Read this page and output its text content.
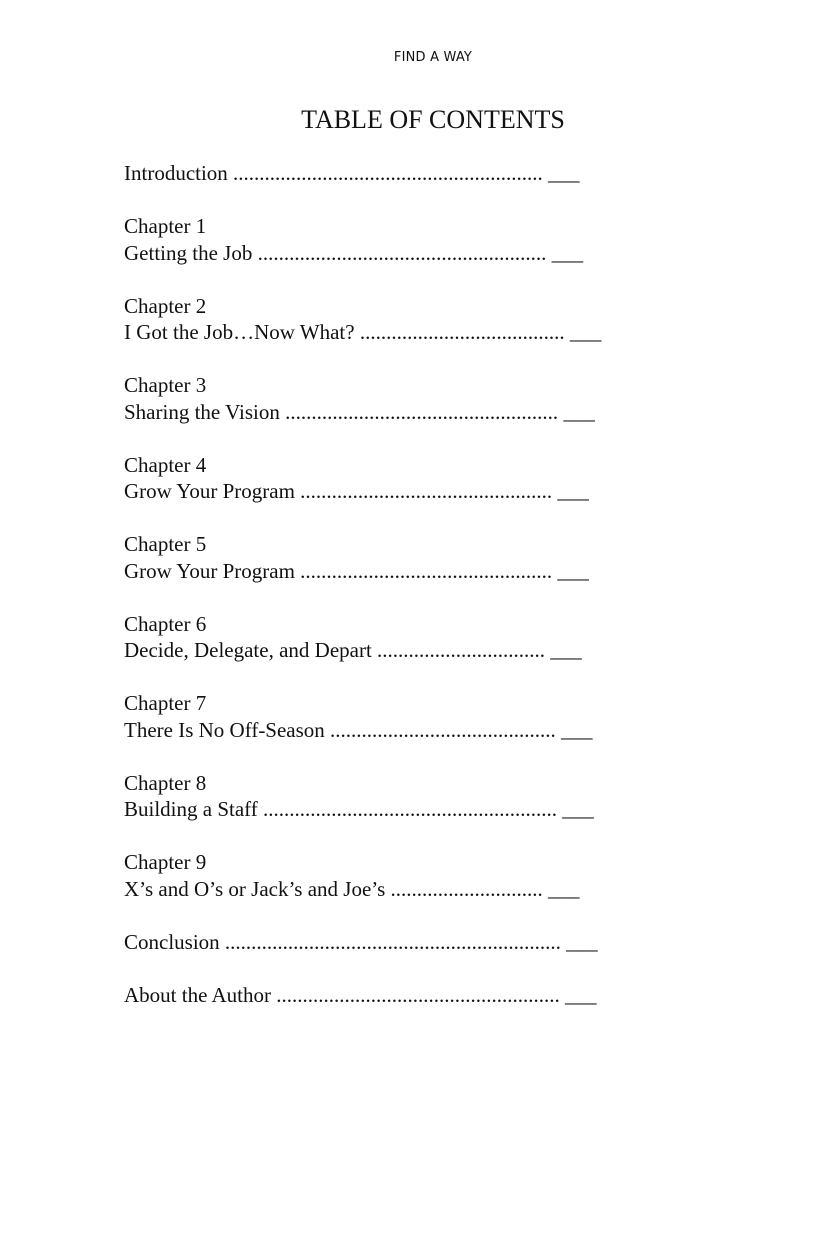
FIND A WAY
TABLE OF CONTENTS
Introduction ........................................................... ___
Chapter 1
Getting the Job ....................................................... ___
Chapter 2
I Got the Job…Now What? ....................................... ___
Chapter 3
Sharing the Vision .................................................... ___
Chapter 4
Grow Your Program ................................................ ___
Chapter 5
Grow Your Program ................................................ ___
Chapter 6
Decide, Delegate, and Depart ................................ ___
Chapter 7
There Is No Off-Season ........................................... ___
Chapter 8
Building a Staff ........................................................ ___
Chapter 9
X’s and O’s or Jack’s and Joe’s ............................. ___
Conclusion ................................................................ ___
About the Author ...................................................... ___
